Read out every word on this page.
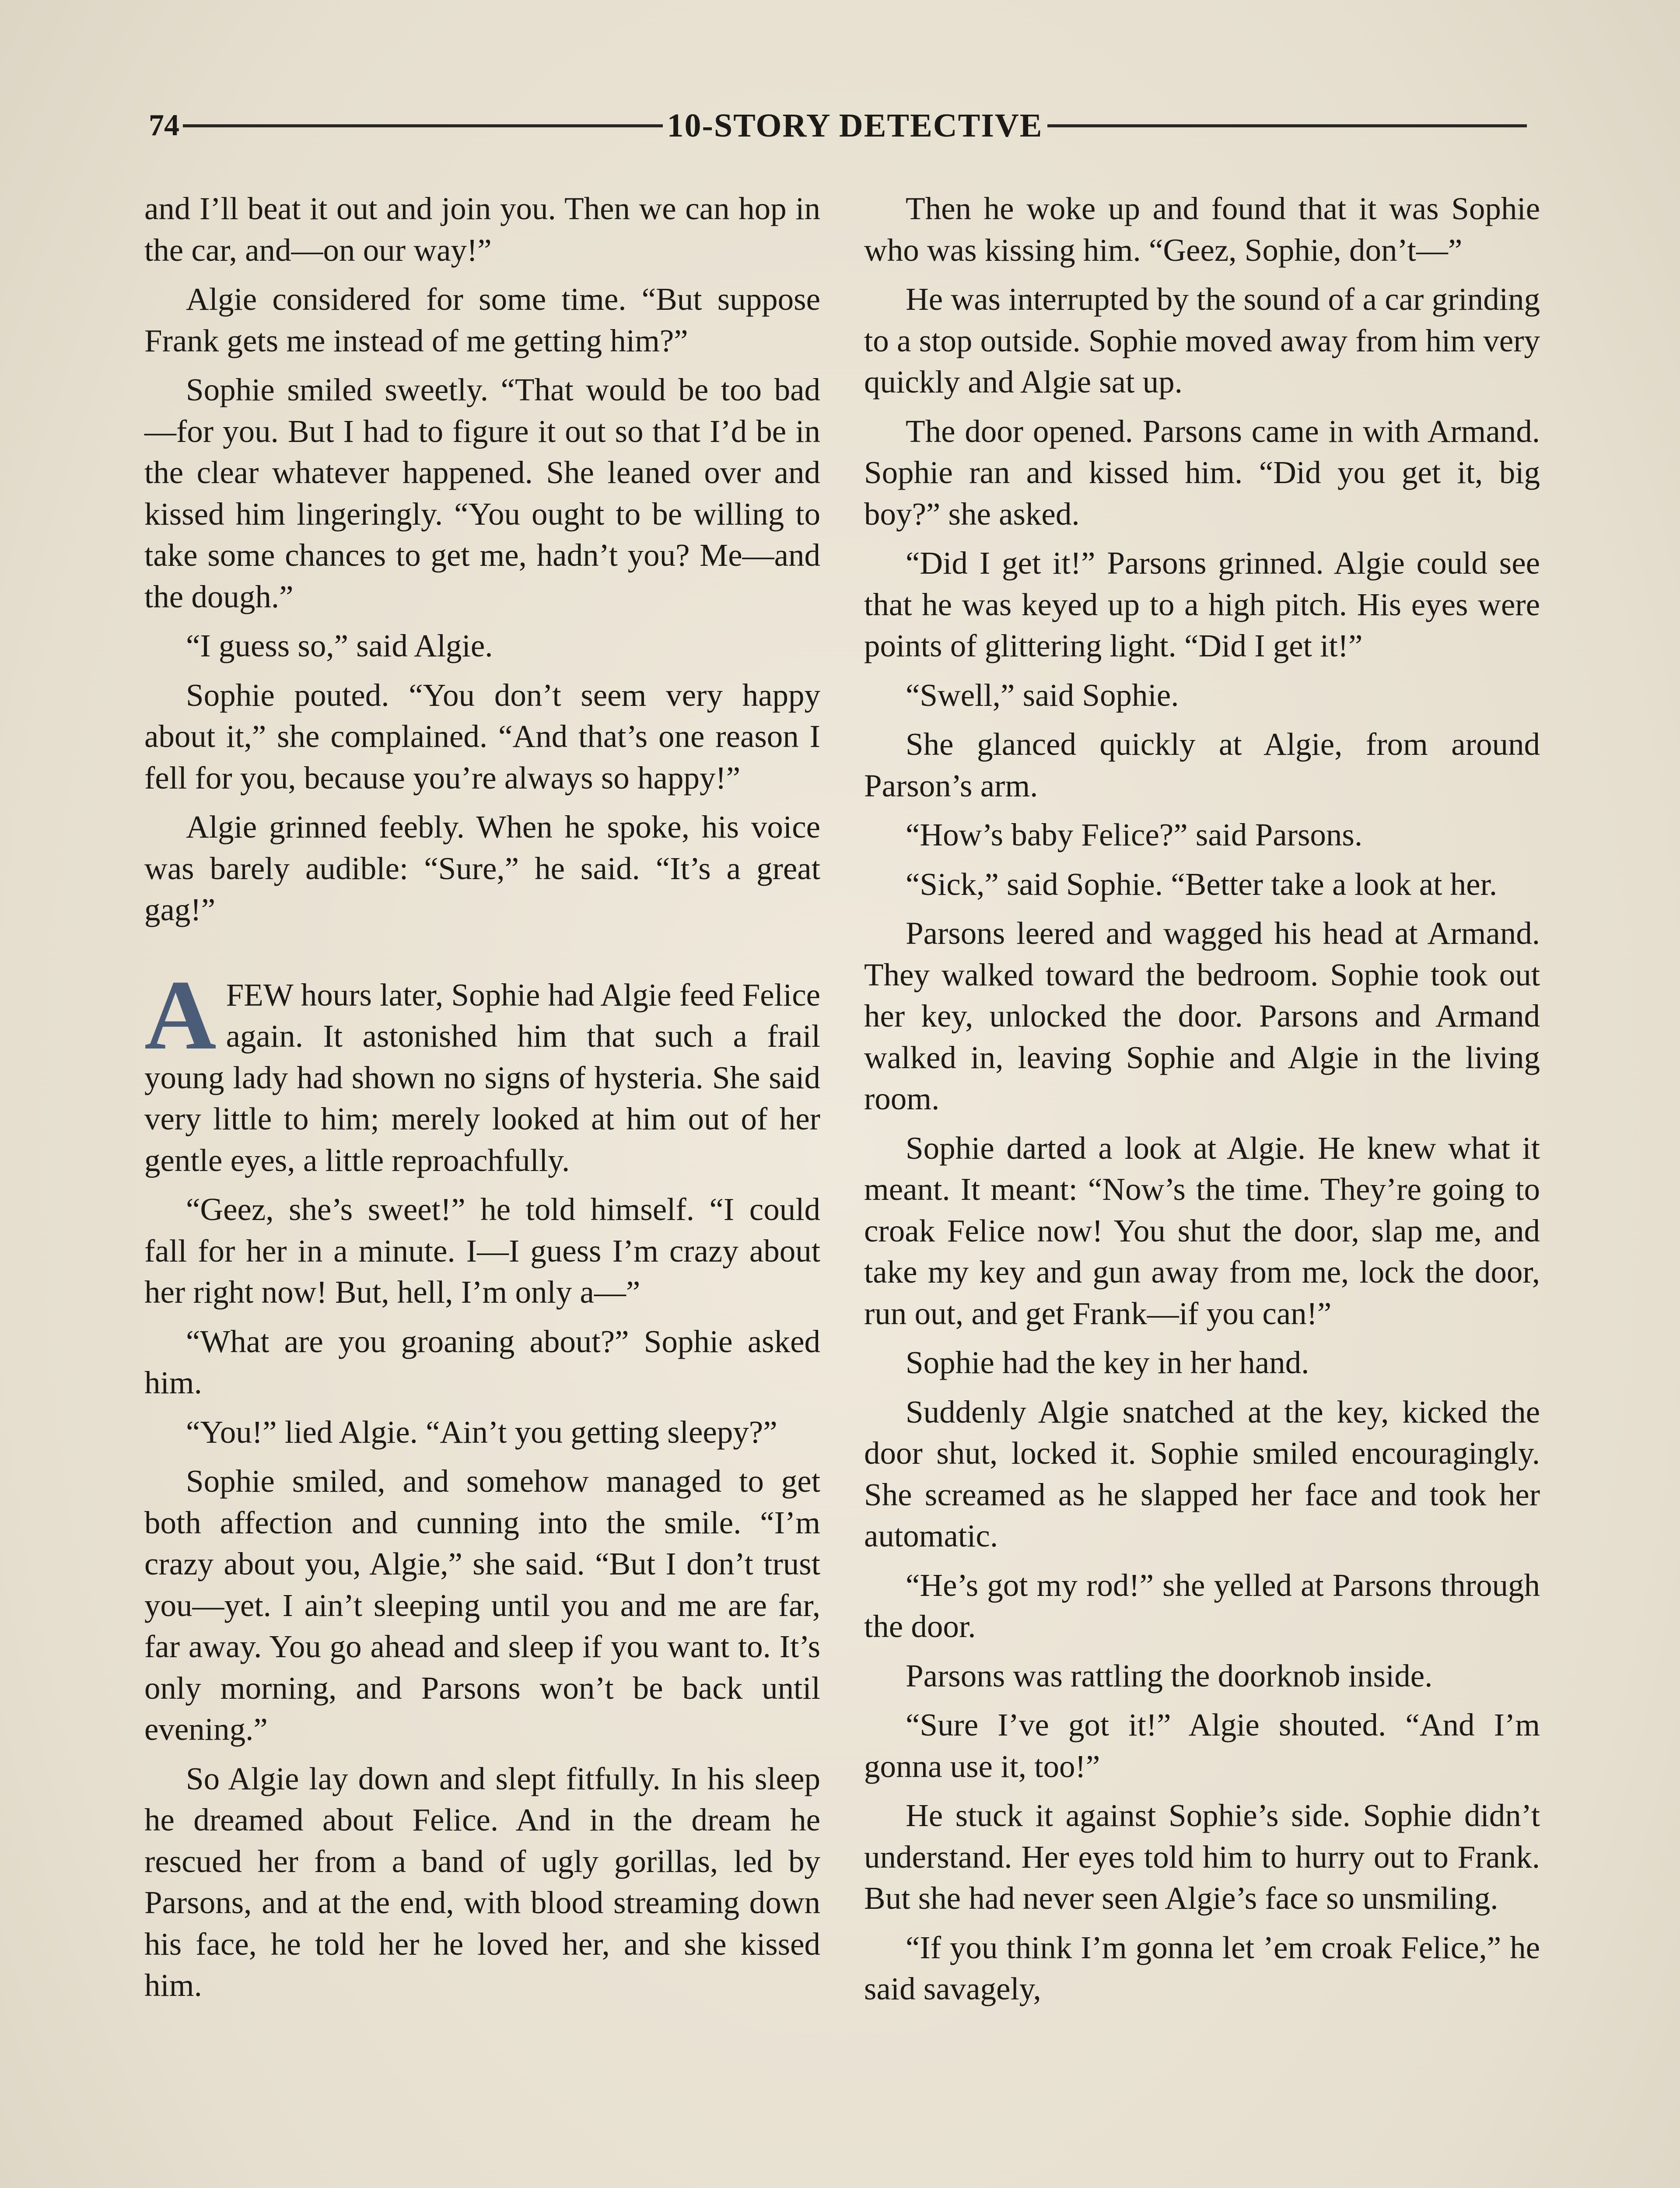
74	10-STORY DETECTIVE

and I’ll beat it out and join you. Then we can hop in the car, and—on our way!”

Algie considered for some time. “But suppose Frank gets me instead of me getting him?”

Sophie smiled sweetly. “That would be too bad—for you. But I had to figure it out so that I’d be in the clear whatever happened. She leaned over and kissed him lingeringly. “You ought to be willing to take some chances to get me, hadn’t you? Me—and the dough.”

“I guess so,” said Algie.

Sophie pouted. “You don’t seem very happy about it,” she complained. “And that’s one reason I fell for you, because you’re always so happy!”

Algie grinned feebly. When he spoke, his voice was barely audible: “Sure,” he said. “It’s a great gag!”

AFEW hours later, Sophie had Algie feed Felice again. It astonished him that such a frail young lady had shown no signs of hysteria. She said very little to him; merely looked at him out of her gentle eyes, a little reproachfully.

“Geez, she’s sweet!” he told himself. “I could fall for her in a minute. I—I guess I’m crazy about her right now! But, hell, I’m only a—”

“What are you groaning about?” Sophie asked him.

“You!” lied Algie. “Ain’t you getting sleepy?”

Sophie smiled, and somehow managed to get both affection and cunning into the smile. “I’m crazy about you, Algie,” she said. “But I don’t trust you—yet. I ain’t sleeping until you and me are far, far away. You go ahead and sleep if you want to. It’s only morning, and Parsons won’t be back until evening.”

So Algie lay down and slept fitfully. In his sleep he dreamed about Felice. And in the dream he rescued her from a band of ugly gorillas, led by Parsons, and at the end, with blood streaming down his face, he told her he loved her, and she kissed him.

Then he woke up and found that it was Sophie who was kissing him. “Geez, Sophie, don’t—”

He was interrupted by the sound of a car grinding to a stop outside. Sophie moved away from him very quickly and Algie sat up.

The door opened. Parsons came in with Armand. Sophie ran and kissed him. “Did you get it, big boy?” she asked.

“Did I get it!” Parsons grinned. Algie could see that he was keyed up to a high pitch. His eyes were points of glittering light. “Did I get it!”

“Swell,” said Sophie.

She glanced quickly at Algie, from around Parson’s arm.

“How’s baby Felice?” said Parsons.

“Sick,” said Sophie. “Better take a look at her.

Parsons leered and wagged his head at Armand. They walked toward the bedroom. Sophie took out her key, unlocked the door. Parsons and Armand walked in, leaving Sophie and Algie in the living room.

Sophie darted a look at Algie. He knew what it meant. It meant: “Now’s the time. They’re going to croak Felice now! You shut the door, slap me, and take my key and gun away from me, lock the door, run out, and get Frank—if you can!”

Sophie had the key in her hand.

Suddenly Algie snatched at the key, kicked the door shut, locked it. Sophie smiled encouragingly. She screamed as he slapped her face and took her automatic.

“He’s got my rod!” she yelled at Parsons through the door.

Parsons was rattling the doorknob inside.

“Sure I’ve got it!” Algie shouted. “And I’m gonna use it, too!”

He stuck it against Sophie’s side. Sophie didn’t understand. Her eyes told him to hurry out to Frank. But she had never seen Algie’s face so unsmiling.

“If you think I’m gonna let ’em croak Felice,” he said savagely,
